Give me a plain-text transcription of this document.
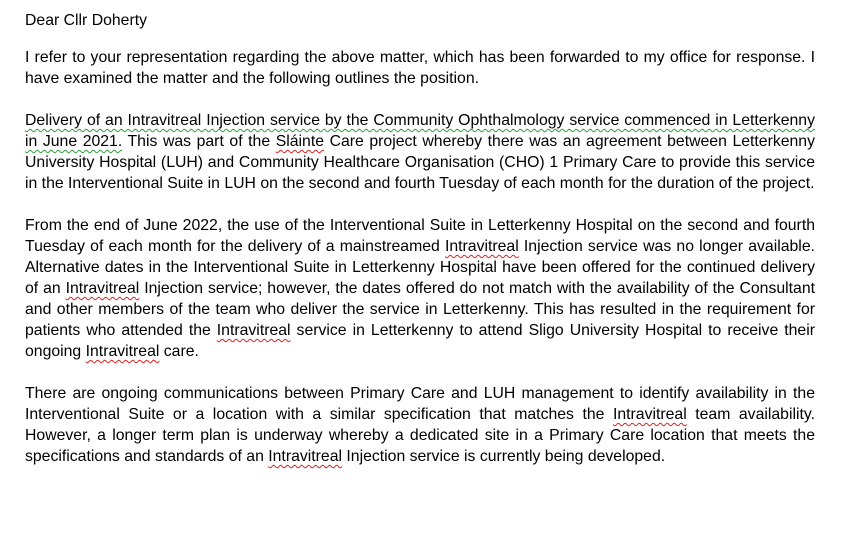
Dear Cllr Doherty

I refer to your representation regarding the above matter, which has been forwarded to my office for response. I have examined the matter and the following outlines the position.

Delivery of an Intravitreal Injection service by the Community Ophthalmology service commenced in Letterkenny in June 2021. This was part of the Sláinte Care project whereby there was an agreement between Letterkenny University Hospital (LUH) and Community Healthcare Organisation (CHO) 1 Primary Care to provide this service in the Interventional Suite in LUH on the second and fourth Tuesday of each month for the duration of the project.

From the end of June 2022, the use of the Interventional Suite in Letterkenny Hospital on the second and fourth Tuesday of each month for the delivery of a mainstreamed Intravitreal Injection service was no longer available. Alternative dates in the Interventional Suite in Letterkenny Hospital have been offered for the continued delivery of an Intravitreal Injection service; however, the dates offered do not match with the availability of the Consultant and other members of the team who deliver the service in Letterkenny. This has resulted in the requirement for patients who attended the Intravitreal service in Letterkenny to attend Sligo University Hospital to receive their ongoing Intravitreal care.

There are ongoing communications between Primary Care and LUH management to identify availability in the Interventional Suite or a location with a similar specification that matches the Intravitreal team availability. However, a longer term plan is underway whereby a dedicated site in a Primary Care location that meets the specifications and standards of an Intravitreal Injection service is currently being developed.
